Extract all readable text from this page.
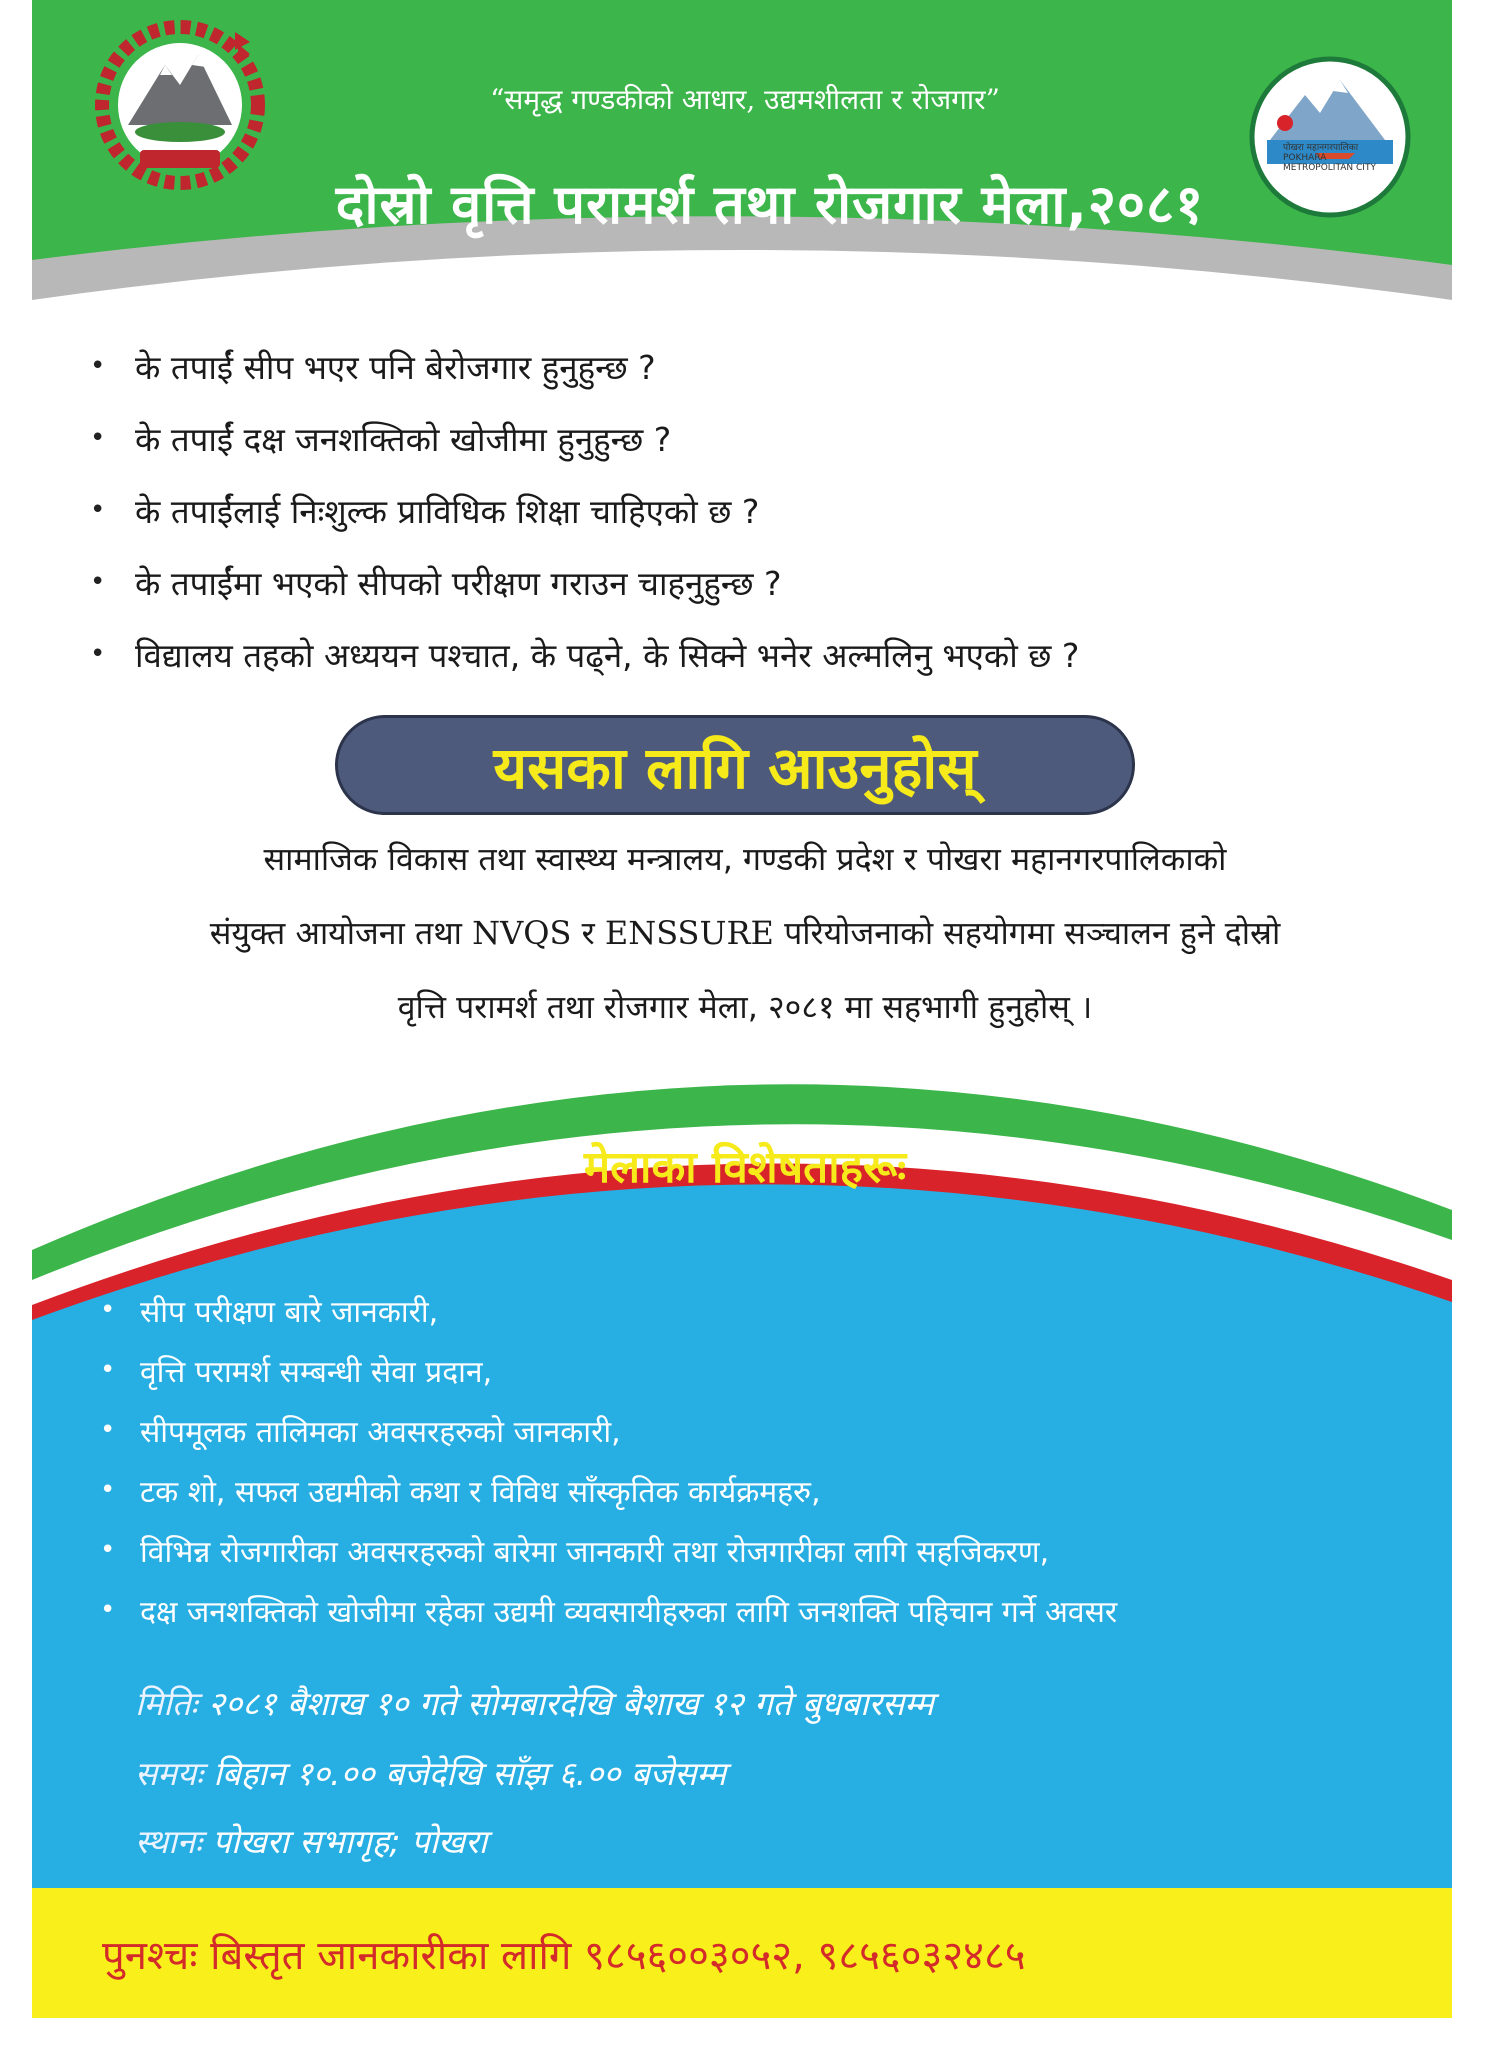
पोखरा महानगरपालिका POKHARA METROPOLITAN CITY
“समृद्ध गण्डकीको आधार, उद्यमशीलता र रोजगार”
दोस्रो वृत्ति परामर्श तथा रोजगार मेला,२०८१
• के तपाईं सीप भएर पनि बेरोजगार हुनुहुन्छ ?
• के तपाईं दक्ष जनशक्तिको खोजीमा हुनुहुन्छ ?
• के तपाईंलाई निःशुल्क प्राविधिक शिक्षा चाहिएको छ ?
• के तपाईंमा भएको सीपको परीक्षण गराउन चाहनुहुन्छ ?
• विद्यालय तहको अध्ययन पश्चात, के पढ्ने, के सिक्ने भनेर अल्मलिनु भएको छ ?
यसका लागि आउनुहोस्
सामाजिक विकास तथा स्वास्थ्य मन्त्रालय, गण्डकी प्रदेश र पोखरा महानगरपालिकाको
संयुक्त आयोजना तथा NVQS र ENSSURE परियोजनाको सहयोगमा सञ्चालन हुने दोस्रो
वृत्ति परामर्श तथा रोजगार मेला, २०८१ मा सहभागी हुनुहोस् ।
मेलाका विशेषताहरूः
• सीप परीक्षण बारे जानकारी,
• वृत्ति परामर्श सम्बन्धी सेवा प्रदान,
• सीपमूलक तालिमका अवसरहरुको जानकारी,
• टक शो, सफल उद्यमीको कथा र विविध साँस्कृतिक कार्यक्रमहरु,
• विभिन्न रोजगारीका अवसरहरुको बारेमा जानकारी तथा रोजगारीका लागि सहजिकरण,
• दक्ष जनशक्तिको खोजीमा रहेका उद्यमी व्यवसायीहरुका लागि जनशक्ति पहिचान गर्ने अवसर
मितिः २०८१ बैशाख १० गते सोमबारदेखि बैशाख १२ गते बुधबारसम्म
समयः बिहान १०.०० बजेदेखि साँझ ६.०० बजेसम्म
स्थानः पोखरा सभागृह; पोखरा
पुनश्चः बिस्तृत जानकारीका लागि ९८५६००३०५२, ९८५६०३२४८५
